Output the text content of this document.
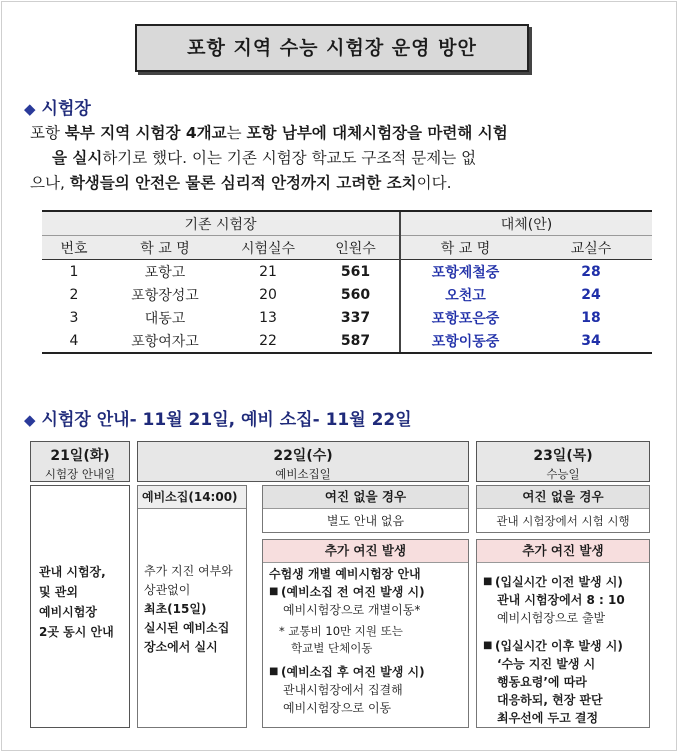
포항 지역 수능 시험장 운영 방안
◆ 시험장
포항 북부 지역 시험장 4개교는 포항 남부에 대체시험장을 마련해 시험
을 실시하기로 했다. 이는 기존 시험장 학교도 구조적 문제는 없
으나, 학생들의 안전은 물론 심리적 안정까지 고려한 조치이다.
기존 시험장				대체(안)	
번호	학 교 명	시험실수	인원수	학 교 명	교실수
1	포항고	21	561	포항제철중	28
2	포항장성고	20	560	오천고	24
3	대동고	13	337	포항포은중	18
4	포항여자고	22	587	포항이동중	34
◆ 시험장 안내- 11월 21일, 예비 소집- 11월 22일
21일(화)
시험장 안내일
22일(수)
예비소집일
23일(목)
수능일
관내 시험장,
및 관외
예비시험장
2곳 동시 안내
예비소집(14:00)
추가 지진 여부와
상관없이
최초(15일)
실시된 예비소집
장소에서 실시
여진 없을 경우
별도 안내 없음
추가 여진 발생
수험생 개별 예비시험장 안내
■ (예비소집 전 여진 발생 시)
예비시험장으로 개별이동*
* 교통비 10만 지원 또는
학교별 단체이동
■ (예비소집 후 여진 발생 시)
관내시험장에서 집결해
예비시험장으로 이동
여진 없을 경우
관내 시험장에서 시험 시행
추가 여진 발생
■ (입실시간 이전 발생 시)
관내 시험장에서 8 : 10
예비시험장으로 출발
■ (입실시간 이후 발생 시)
‘수능 지진 발생 시
행동요령’에 따라
대응하되, 현장 판단
최우선에 두고 결정
